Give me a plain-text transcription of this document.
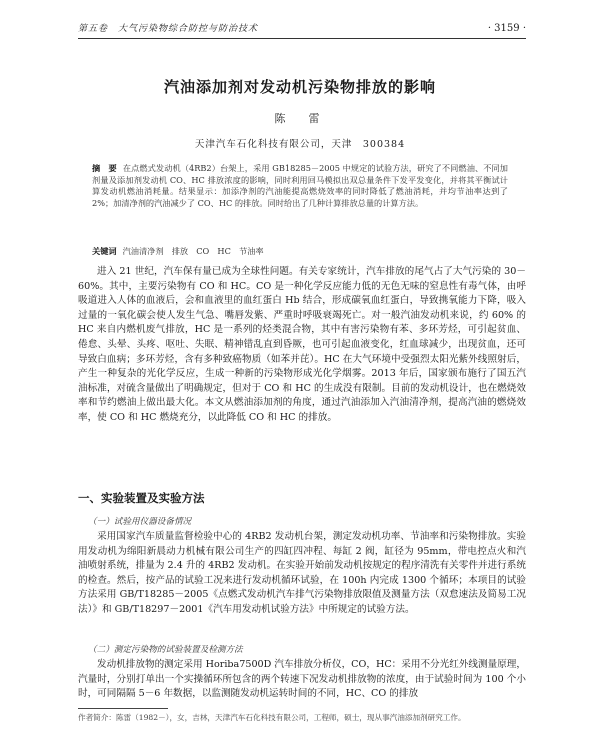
第五卷　大气污染物综合防控与防治技术	· 3159 ·
汽油添加剂对发动机污染物排放的影响
陈　雷
天津汽车石化科技有限公司，天津　300384
摘　要 在点燃式发动机（4RB2）台架上，采用 GB18285－2005 中规定的试验方法，研究了不同燃油、不同加剂量及添加剂发动机 CO、HC 排放浓度的影响，同时利用回马模拟出双总量条件下发平发变化，并将其平衡试计算发动机燃油消耗量。结果显示：加添净剂的汽油能提高燃烧效率的同时降低了燃油消耗，并均节油率达到了 2%；加清净剂的汽油减少了 CO、HC 的排放。同时给出了几种计算排放总量的计算方法。
关键词 汽油清净剂　排放　CO　HC　节油率
进入 21 世纪，汽车保有量已成为全球性问题。有关专家统计，汽车排放的尾气占了大气污染的 30－60%。其中，主要污染物有 CO 和 HC。CO 是一种化学反应能力低的无色无味的窒息性有毒气体，由呼吸道进入人体的血液后，会和血液里的血红蛋白 Hb 结合，形成碳氧血红蛋白，导致携氧能力下降，吸入过量的一氧化碳会使人发生气急、嘴唇发紫、严重时呼吸衰竭死亡。对一般汽油发动机来说，约 60% 的 HC 来自内燃机废气排放，HC 是一系列的烃类混合物，其中有害污染物有苯、多环芳烃，可引起贫血、倦怠、头晕、头疼、呕吐、失眠、精神错乱直到昏厥，也可引起血液变化，红血球减少，出现贫血，还可导致白血病；多环芳烃，含有多种致癌物质（如苯并芘）。HC 在大气环境中受强烈太阳光紫外线照射后，产生一种复杂的光化学反应，生成一种新的污染物形成光化学烟雾。2013 年后，国家颁布施行了国五汽油标准，对硫含量做出了明确规定，但对于 CO 和 HC 的生成没有限制。目前的发动机设计，也在燃烧效率和节约燃油上做出最大化。本文从燃油添加剂的角度，通过汽油添加入汽油清净剂，提高汽油的燃烧效率，使 CO 和 HC 燃烧充分，以此降低 CO 和 HC 的排放。
一、实验装置及实验方法
（一）试验用仪器设备情况
采用国家汽车质量监督检验中心的 4RB2 发动机台架，测定发动机功率、节油率和污染物排放。实验用发动机为绵阳新晨动力机械有限公司生产的四缸四冲程、每缸 2 阀，缸径为 95mm，带电控点火和汽油喷射系统，排量为 2.4 升的 4RB2 发动机。在实验开始前发动机按规定的程序清洗有关零件并进行系统的检查。然后，按产品的试验工况来进行发动机循环试验，在 100h 内完成 1300 个循环；本项目的试验方法采用 GB/T18285－2005《点燃式发动机汽车排气污染物排放限值及测量方法（双怠速法及简易工况法）》和 GB/T18297－2001《汽车用发动机试验方法》中所规定的试验方法。
（二）测定污染物的试验装置及检测方法
发动机排放物的测定采用 Horiba7500D 汽车排放分析仪，CO，HC：采用不分光红外线测量原理，汽量时，分别打单出一个实操循环所包含的两个转速下况发动机排放物的浓度，由于试验时间为 100 个小时，可同隔隔 5－6 年数据，以监测随发动机运转时间的不同，HC、CO 的排放
作者简介：陈雷（1982－），女，吉林，天津汽车石化科技有限公司，工程师，硕士，现从事汽油添加剂研究工作。
